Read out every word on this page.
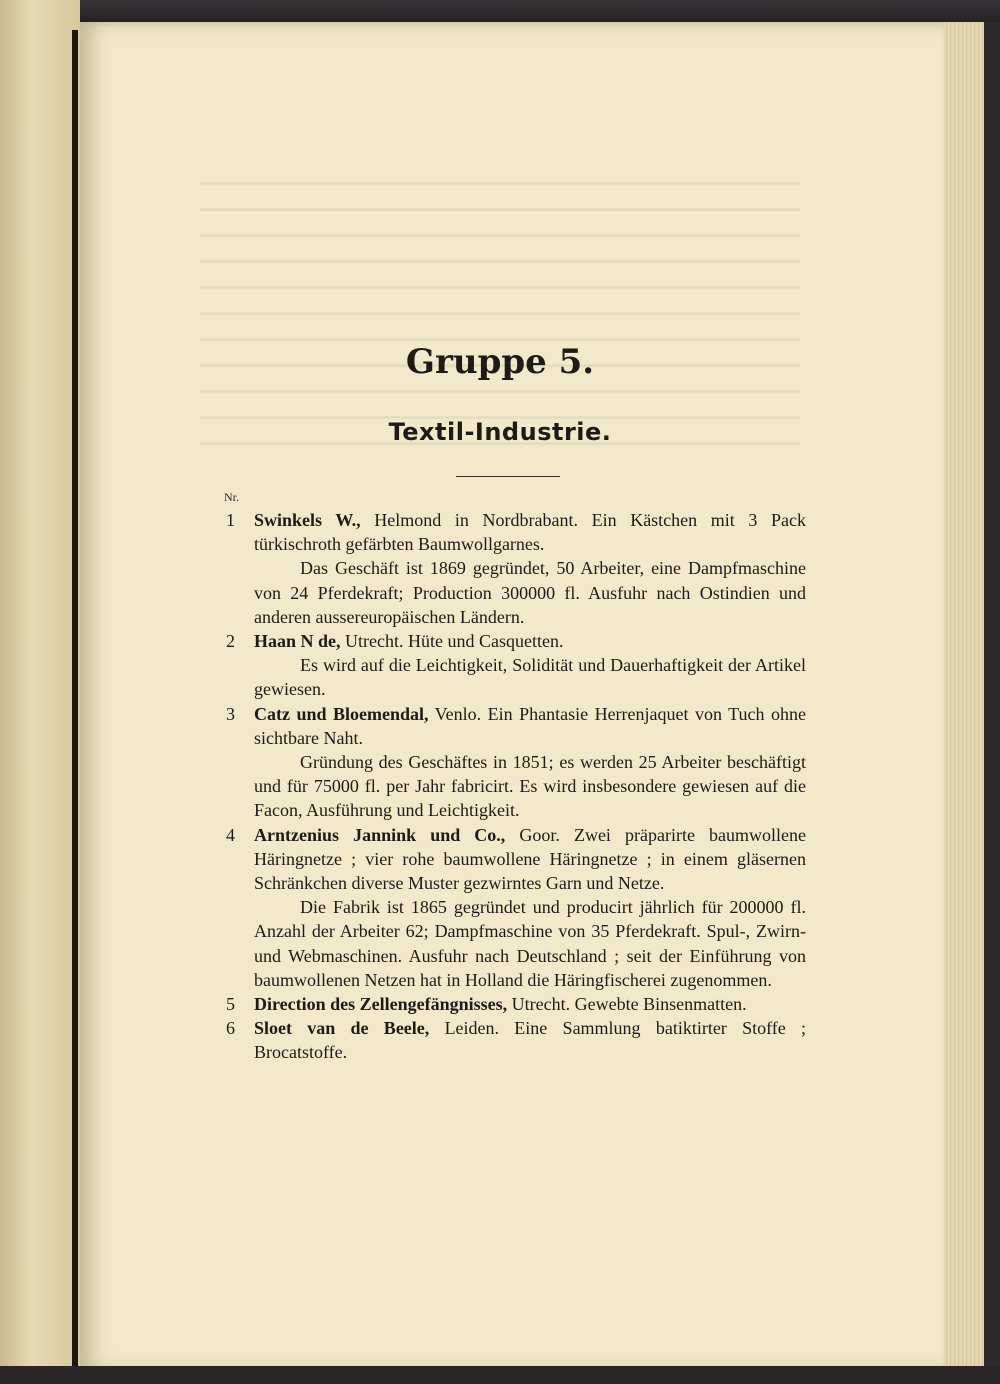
Gruppe 5.
Textil-Industrie.
Nr.
1	Swinkels W., Helmond in Nordbrabant. Ein Kästchen mit 3 Pack türkischroth gefärbten Baumwollgarnes.

Das Geschäft ist 1869 gegründet, 50 Arbeiter, eine Dampfmaschine von 24 Pferdekraft; Production 300000 fl. Ausfuhr nach Ostindien und anderen aussereuropäischen Ländern.

2	Haan N de, Utrecht. Hüte und Casquetten.

Es wird auf die Leichtigkeit, Solidität und Dauerhaftigkeit der Artikel gewiesen.

3	Catz und Bloemendal, Venlo. Ein Phantasie Herrenjaquet von Tuch ohne sichtbare Naht.

Gründung des Geschäftes in 1851; es werden 25 Arbeiter beschäftigt und für 75000 fl. per Jahr fabricirt. Es wird insbesondere gewiesen auf die Facon, Ausführung und Leichtigkeit.

4	Arntzenius Jannink und Co., Goor. Zwei präparirte baumwollene Häringnetze ; vier rohe baumwollene Häringnetze ; in einem gläsernen Schränkchen diverse Muster gezwirntes Garn und Netze.

Die Fabrik ist 1865 gegründet und producirt jährlich für 200000 fl. Anzahl der Arbeiter 62; Dampfmaschine von 35 Pferdekraft. Spul-, Zwirn- und Webmaschinen. Ausfuhr nach Deutschland ; seit der Einführung von baumwollenen Netzen hat in Holland die Häringfischerei zugenommen.

5	Direction des Zellengefängnisses, Utrecht. Gewebte Binsenmatten.

6	Sloet van de Beele, Leiden. Eine Sammlung batiktirter Stoffe ; Brocatstoffe.
